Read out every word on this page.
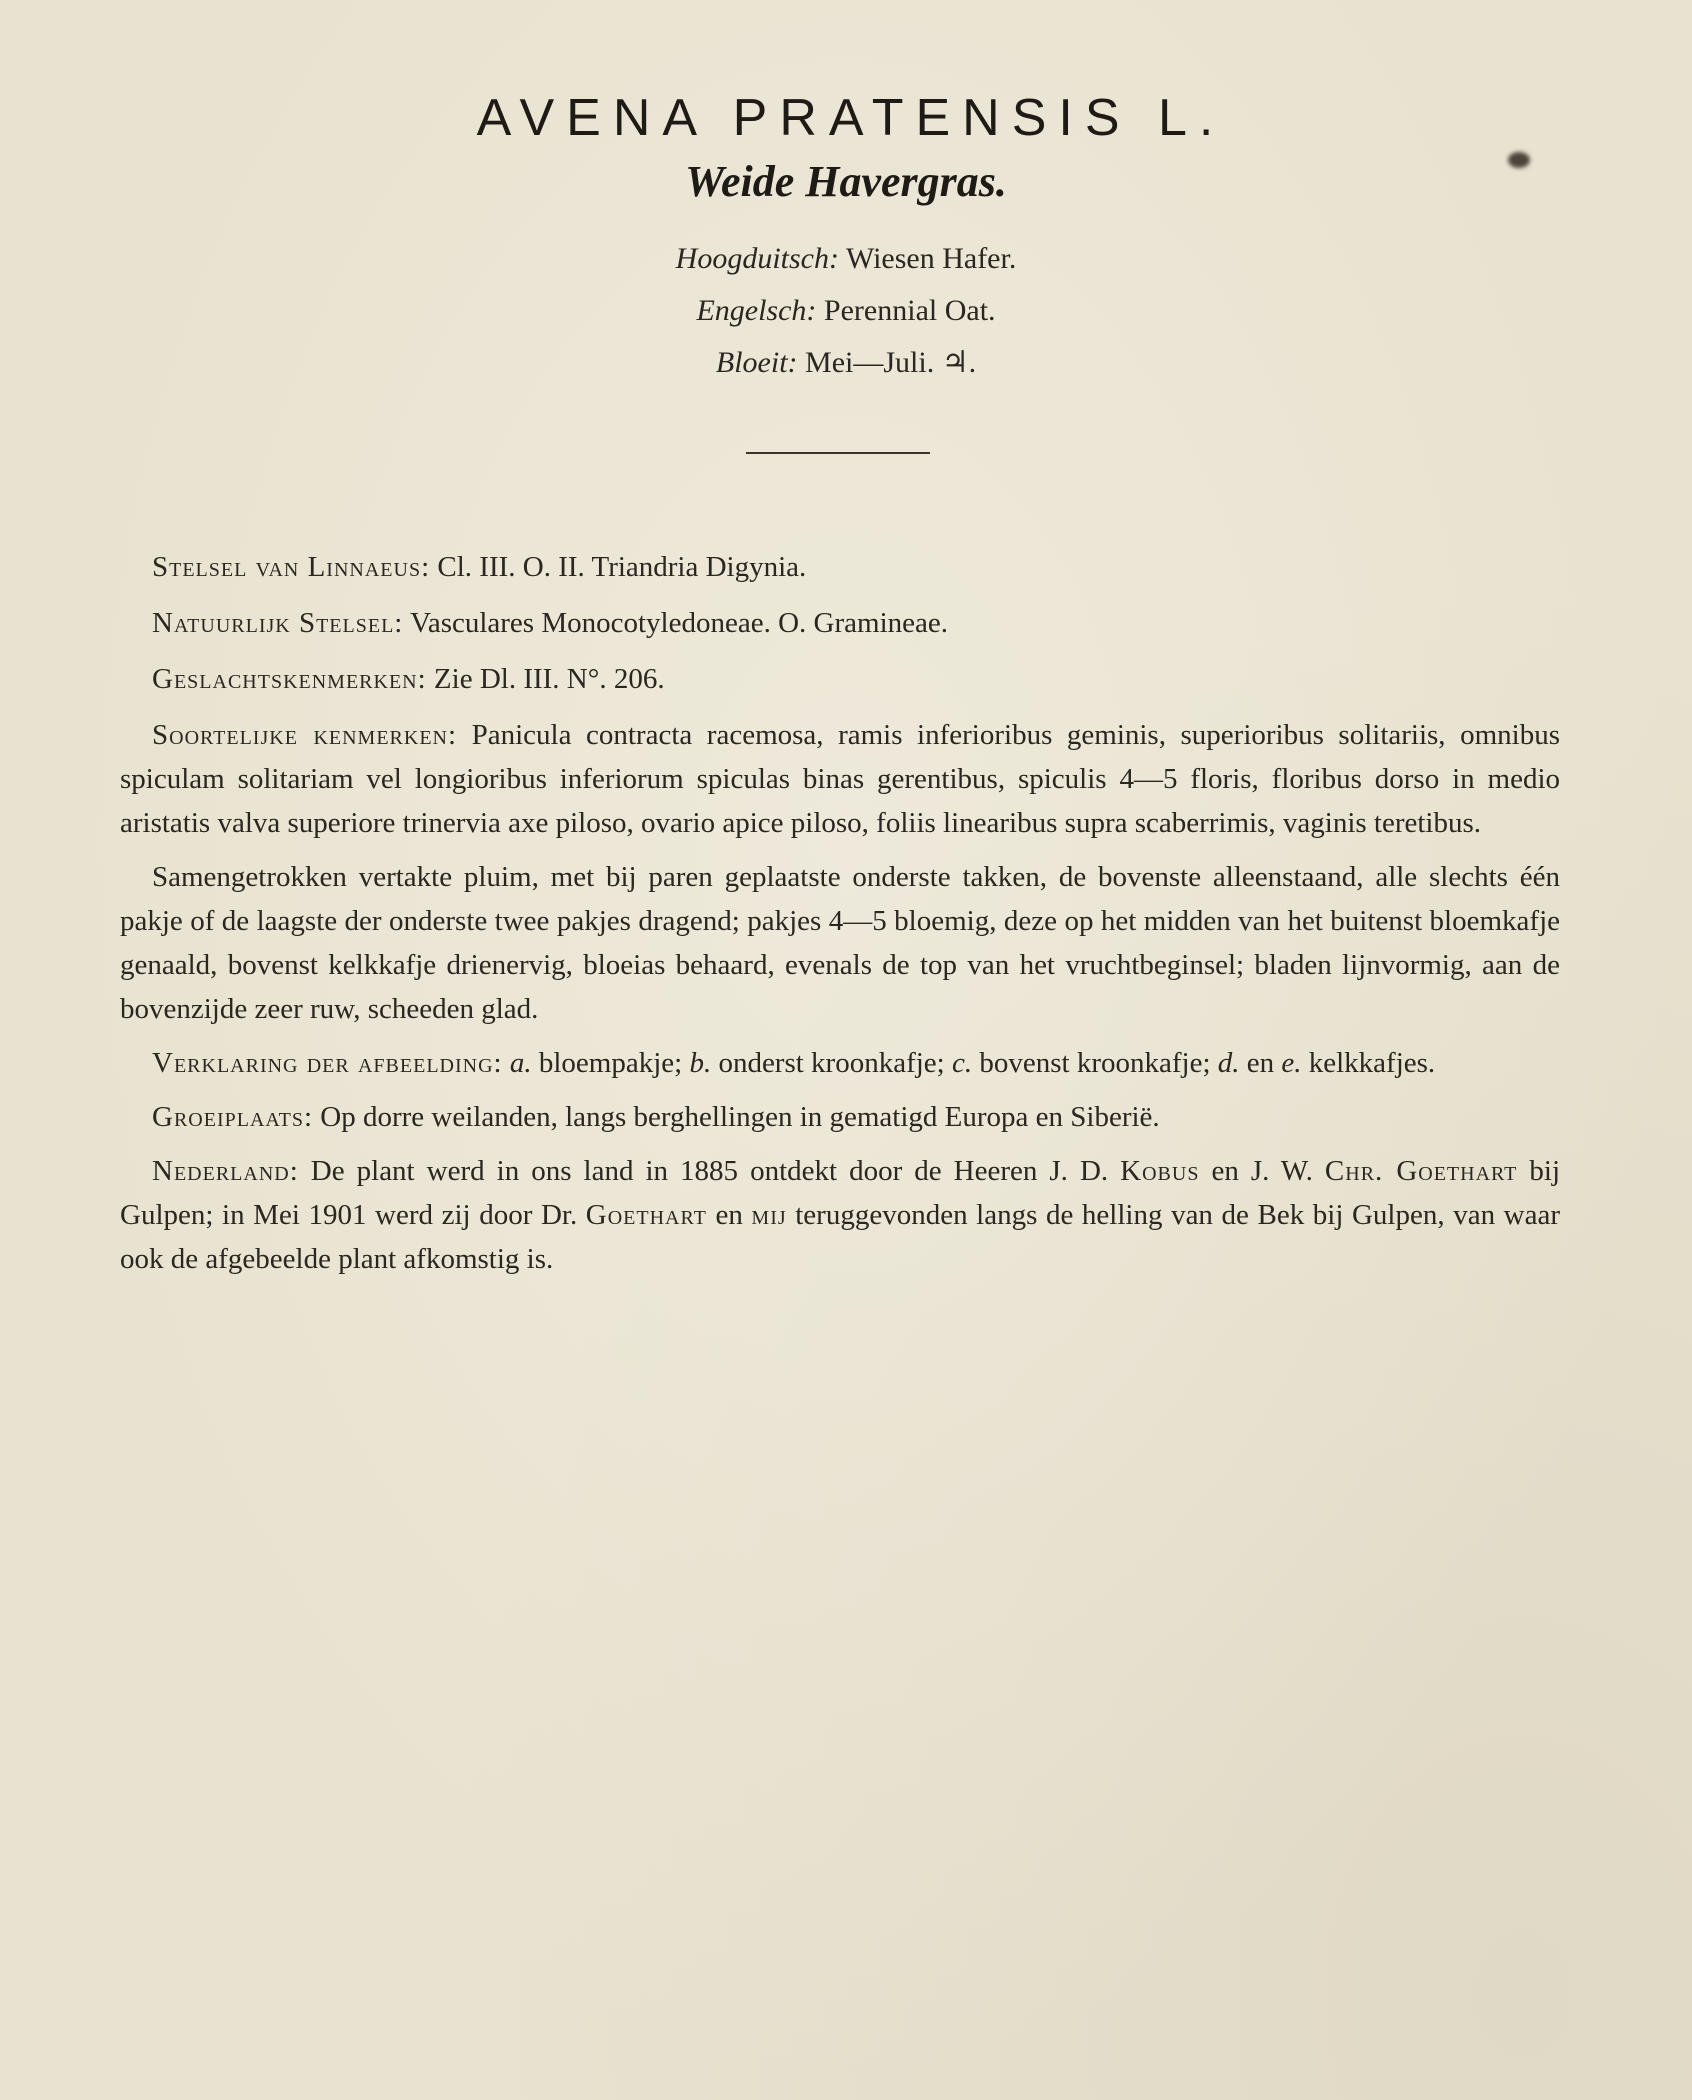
AVENA PRATENSIS L.
Weide Havergras.
Hoogduitsch: Wiesen Hafer.
Engelsch: Perennial Oat.
Bloeit: Mei—Juli. ♃.

Stelsel van Linnaeus: Cl. III. O. II. Triandria Digynia.

Natuurlijk Stelsel: Vasculares Monocotyledoneae. O. Gramineae.

Geslachtskenmerken: Zie Dl. III. N°. 206.

Soortelijke kenmerken: Panicula contracta racemosa, ramis inferioribus geminis, superioribus solitariis, omnibus spiculam solitariam vel longioribus inferiorum spiculas binas gerentibus, spiculis 4—5 floris, floribus dorso in medio aristatis valva superiore trinervia axe piloso, ovario apice piloso, foliis linearibus supra scaberrimis, vaginis teretibus.

Samengetrokken vertakte pluim, met bij paren geplaatste onderste takken, de bovenste alleenstaand, alle slechts één pakje of de laagste der onderste twee pakjes dragend; pakjes 4—5 bloemig, deze op het midden van het buitenst bloemkafje genaald, bovenst kelkkafje drienervig, bloeias behaard, evenals de top van het vruchtbeginsel; bladen lijnvormig, aan de bovenzijde zeer ruw, scheeden glad.

Verklaring der afbeelding: a. bloempakje; b. onderst kroonkafje; c. bovenst kroonkafje; d. en e. kelkkafjes.

Groeiplaats: Op dorre weilanden, langs berghellingen in gematigd Europa en Siberië.

Nederland: De plant werd in ons land in 1885 ontdekt door de Heeren J. D. Kobus en J. W. Chr. Goethart bij Gulpen; in Mei 1901 werd zij door Dr. Goethart en mij teruggevonden langs de helling van de Bek bij Gulpen, van waar ook de afgebeelde plant afkomstig is.
